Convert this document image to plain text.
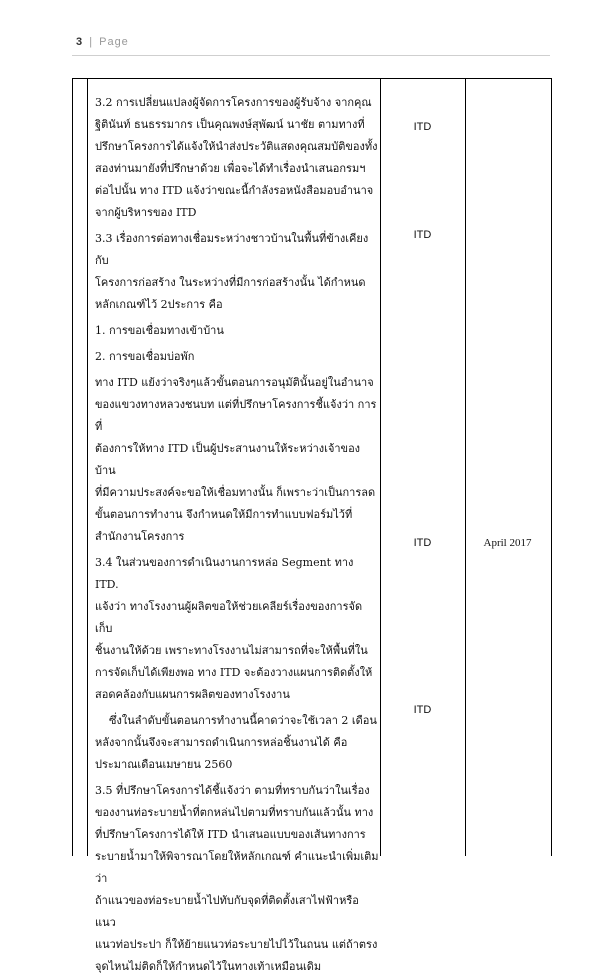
3 | Page
3.2 การเปลี่ยนแปลงผู้จัดการโครงการของผู้รับจ้าง จากคุณ
ฐิตินันท์ ธนธรรมากร เป็นคุณพงษ์สุพัฒน์ นาชัย ตามทางที่
ปรึกษาโครงการได้แจ้งให้นำส่งประวัติแสดงคุณสมบัติของทั้ง
สองท่านมายังที่ปรึกษาด้วย เพื่อจะได้ทำเรื่องนำเสนอกรมฯ
ต่อไปนั้น ทาง ITD แจ้งว่าขณะนี้กำลังรอหนังสือมอบอำนาจ
จากผู้บริหารของ ITD
3.3 เรื่องการต่อทางเชื่อมระหว่างชาวบ้านในพื้นที่ข้างเคียงกับ
โครงการก่อสร้าง ในระหว่างที่มีการก่อสร้างนั้น ได้กำหนด
หลักเกณฑ์ไว้ 2ประการ คือ
1. การขอเชื่อมทางเข้าบ้าน
2. การขอเชื่อมบ่อพัก
ทาง ITD แย้งว่าจริงๆแล้วขั้นตอนการอนุมัตินั้นอยู่ในอำนาจ
ของแขวงทางหลวงชนบท แต่ที่ปรึกษาโครงการชี้แจ้งว่า การที่
ต้องการให้ทาง ITD เป็นผู้ประสานงานให้ระหว่างเจ้าของบ้าน
ที่มีความประสงค์จะขอให้เชื่อมทางนั้น ก็เพราะว่าเป็นการลด
ขั้นตอนการทำงาน จึงกำหนดให้มีการทำแบบฟอร์มไว้ที่
สำนักงานโครงการ
3.4 ในส่วนของการดำเนินงานการหล่อ Segment ทาง ITD.
แจ้งว่า ทางโรงงานผู้ผลิตขอให้ช่วยเคลียร์เรื่องของการจัดเก็บ
ชิ้นงานให้ด้วย เพราะทางโรงงานไม่สามารถที่จะให้พื้นที่ใน
การจัดเก็บได้เพียงพอ ทาง ITD จะต้องวางแผนการติดตั้งให้
สอดคล้องกับแผนการผลิตของทางโรงงาน
ซึ่งในลำดับขั้นตอนการทำงานนี้คาดว่าจะใช้เวลา 2 เดือน
หลังจากนั้นจึงจะสามารถดำเนินการหล่อชิ้นงานได้ คือ
ประมาณเดือนเมษายน 2560
3.5 ที่ปรึกษาโครงการได้ชี้แจ้งว่า ตามที่ทราบกันว่าในเรื่อง
ของงานท่อระบายน้ำที่ตกหล่นไปตามที่ทราบกันแล้วนั้น ทาง
ที่ปรึกษาโครงการได้ให้ ITD นำเสนอแบบของเส้นทางการ
ระบายน้ำมาให้พิจารณาโดยให้หลักเกณฑ์ คำแนะนำเพิ่มเติมว่า
ถ้าแนวของท่อระบายน้ำไปทับกับจุดที่ติดตั้งเสาไฟฟ้าหรือแนว
แนวท่อประปา ก็ให้ย้ายแนวท่อระบายไปไว้ในถนน แต่ถ้าตรง
จุดไหนไม่ติดก็ให้กำหนดไว้ในทางเท้าเหมือนเดิม
ITD
ITD
ITD	April 2017
ITD
